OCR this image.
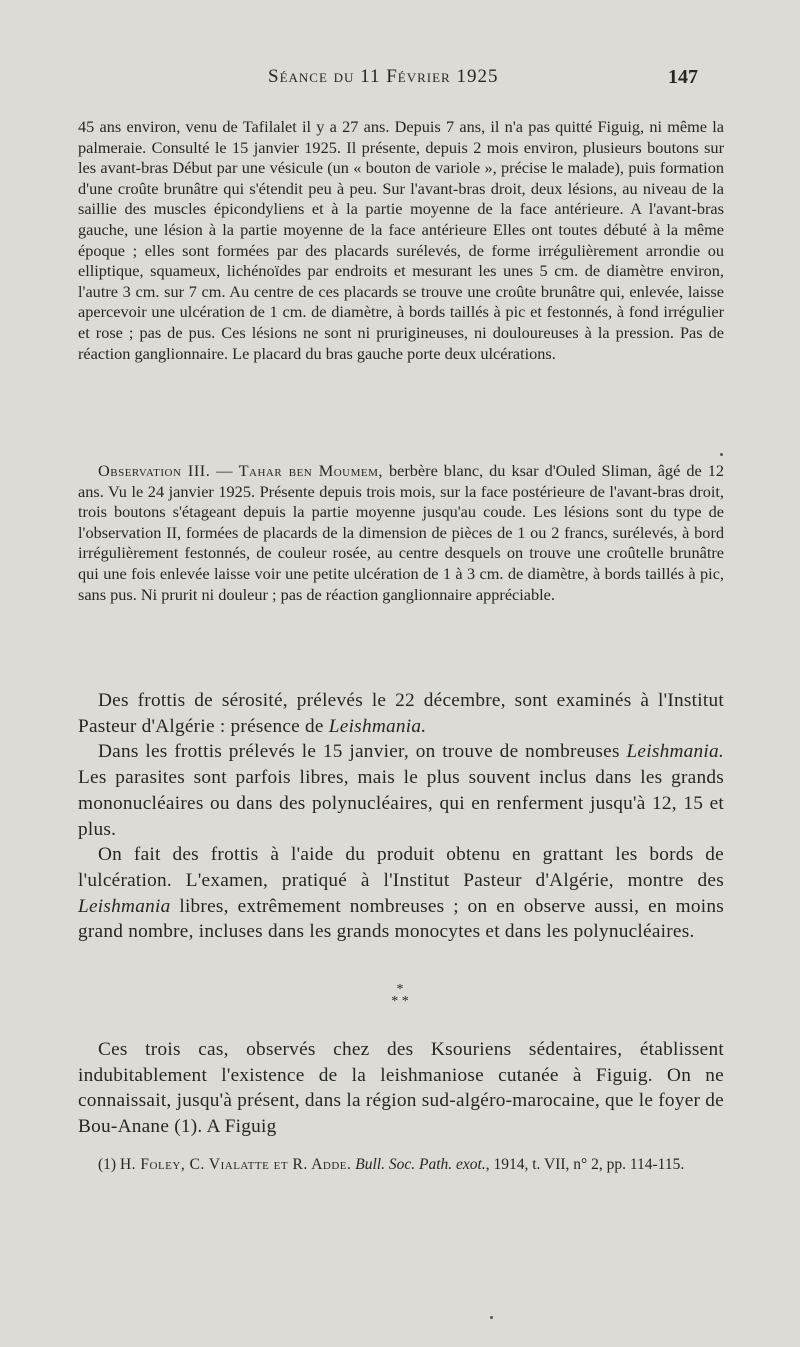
Séance du 11 Février 1925	147

45 ans environ, venu de Tafilalet il y a 27 ans. Depuis 7 ans, il n'a pas quitté Figuig, ni même la palmeraie. Consulté le 15 janvier 1925. Il présente, depuis 2 mois environ, plusieurs boutons sur les avant-bras Début par une vésicule (un « bouton de variole », précise le malade), puis formation d'une croûte brunâtre qui s'étendit peu à peu. Sur l'avant-bras droit, deux lésions, au niveau de la saillie des muscles épicondyliens et à la partie moyenne de la face antérieure. A l'avant-bras gauche, une lésion à la partie moyenne de la face antérieure Elles ont toutes débuté à la même époque ; elles sont formées par des placards surélevés, de forme irrégulièrement arrondie ou elliptique, squameux, lichénoïdes par endroits et mesurant les unes 5 cm. de diamètre environ, l'autre 3 cm. sur 7 cm. Au centre de ces placards se trouve une croûte brunâtre qui, enlevée, laisse apercevoir une ulcération de 1 cm. de diamètre, à bords taillés à pic et festonnés, à fond irrégulier et rose ; pas de pus. Ces lésions ne sont ni prurigineuses, ni douloureuses à la pression. Pas de réaction ganglionnaire. Le placard du bras gauche porte deux ulcérations.

Observation III. — Tahar ben Moumem, berbère blanc, du ksar d'Ouled Sliman, âgé de 12 ans. Vu le 24 janvier 1925. Présente depuis trois mois, sur la face postérieure de l'avant-bras droit, trois boutons s'étageant depuis la partie moyenne jusqu'au coude. Les lésions sont du type de l'observation II, formées de placards de la dimension de pièces de 1 ou 2 francs, surélevés, à bord irrégulièrement festonnés, de couleur rosée, au centre desquels on trouve une croûtelle brunâtre qui une fois enlevée laisse voir une petite ulcération de 1 à 3 cm. de diamètre, à bords taillés à pic, sans pus. Ni prurit ni douleur ; pas de réaction ganglionnaire appréciable.

Des frottis de sérosité, prélevés le 22 décembre, sont examinés à l'Institut Pasteur d'Algérie : présence de Leishmania.

Dans les frottis prélevés le 15 janvier, on trouve de nombreuses Leishmania. Les parasites sont parfois libres, mais le plus souvent inclus dans les grands mononucléaires ou dans des polynucléaires, qui en renferment jusqu'à 12, 15 et plus.

On fait des frottis à l'aide du produit obtenu en grattant les bords de l'ulcération. L'examen, pratiqué à l'Institut Pasteur d'Algérie, montre des Leishmania libres, extrêmement nombreuses ; on en observe aussi, en moins grand nombre, incluses dans les grands monocytes et dans les polynucléaires.

*
* *

Ces trois cas, observés chez des Ksouriens sédentaires, établissent indubitablement l'existence de la leishmaniose cutanée à Figuig. On ne connaissait, jusqu'à présent, dans la région sud-algéro-marocaine, que le foyer de Bou-Anane (1). A Figuig

(1) H. Foley, C. Vialatte et R. Adde. Bull. Soc. Path. exot., 1914, t. VII, n° 2, pp. 114-115.
